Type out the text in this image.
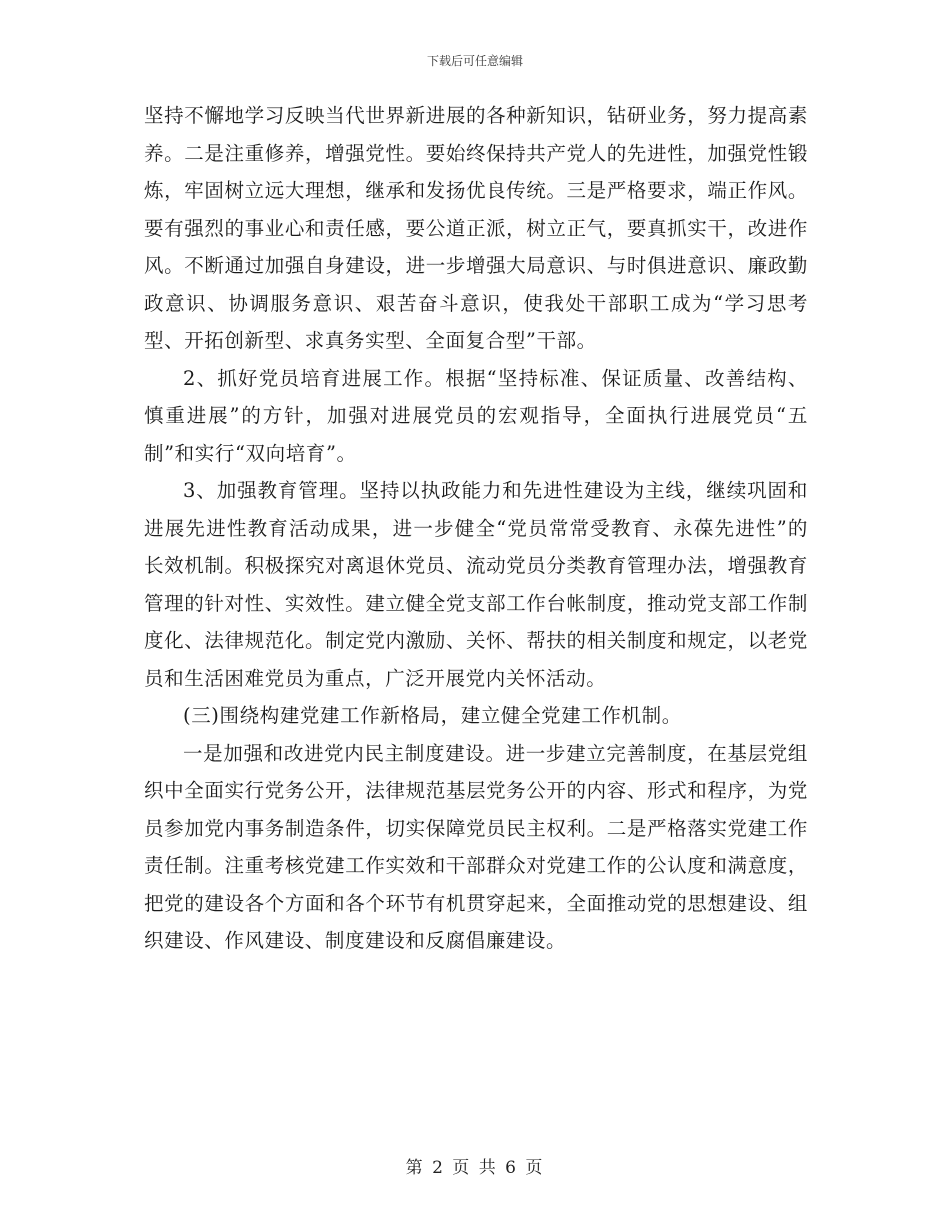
下载后可任意编辑

坚持不懈地学习反映当代世界新进展的各种新知识，钻研业务，努力提高素养。二是注重修养，增强党性。要始终保持共产党人的先进性，加强党性锻炼，牢固树立远大理想，继承和发扬优良传统。三是严格要求，端正作风。要有强烈的事业心和责任感，要公道正派，树立正气，要真抓实干，改进作风。不断通过加强自身建设，进一步增强大局意识、与时俱进意识、廉政勤政意识、协调服务意识、艰苦奋斗意识，使我处干部职工成为“学习思考型、开拓创新型、求真务实型、全面复合型”干部。

2、抓好党员培育进展工作。根据“坚持标准、保证质量、改善结构、慎重进展”的方针，加强对进展党员的宏观指导，全面执行进展党员“五制”和实行“双向培育”。

3、加强教育管理。坚持以执政能力和先进性建设为主线，继续巩固和进展先进性教育活动成果，进一步健全“党员常常受教育、永葆先进性”的长效机制。积极探究对离退休党员、流动党员分类教育管理办法，增强教育管理的针对性、实效性。建立健全党支部工作台帐制度，推动党支部工作制度化、法律规范化。制定党内激励、关怀、帮扶的相关制度和规定，以老党员和生活困难党员为重点，广泛开展党内关怀活动。

(三)围绕构建党建工作新格局，建立健全党建工作机制。

一是加强和改进党内民主制度建设。进一步建立完善制度，在基层党组织中全面实行党务公开，法律规范基层党务公开的内容、形式和程序，为党员参加党内事务制造条件，切实保障党员民主权利。二是严格落实党建工作责任制。注重考核党建工作实效和干部群众对党建工作的公认度和满意度，把党的建设各个方面和各个环节有机贯穿起来，全面推动党的思想建设、组织建设、作风建设、制度建设和反腐倡廉建设。

第 2 页 共 6 页
